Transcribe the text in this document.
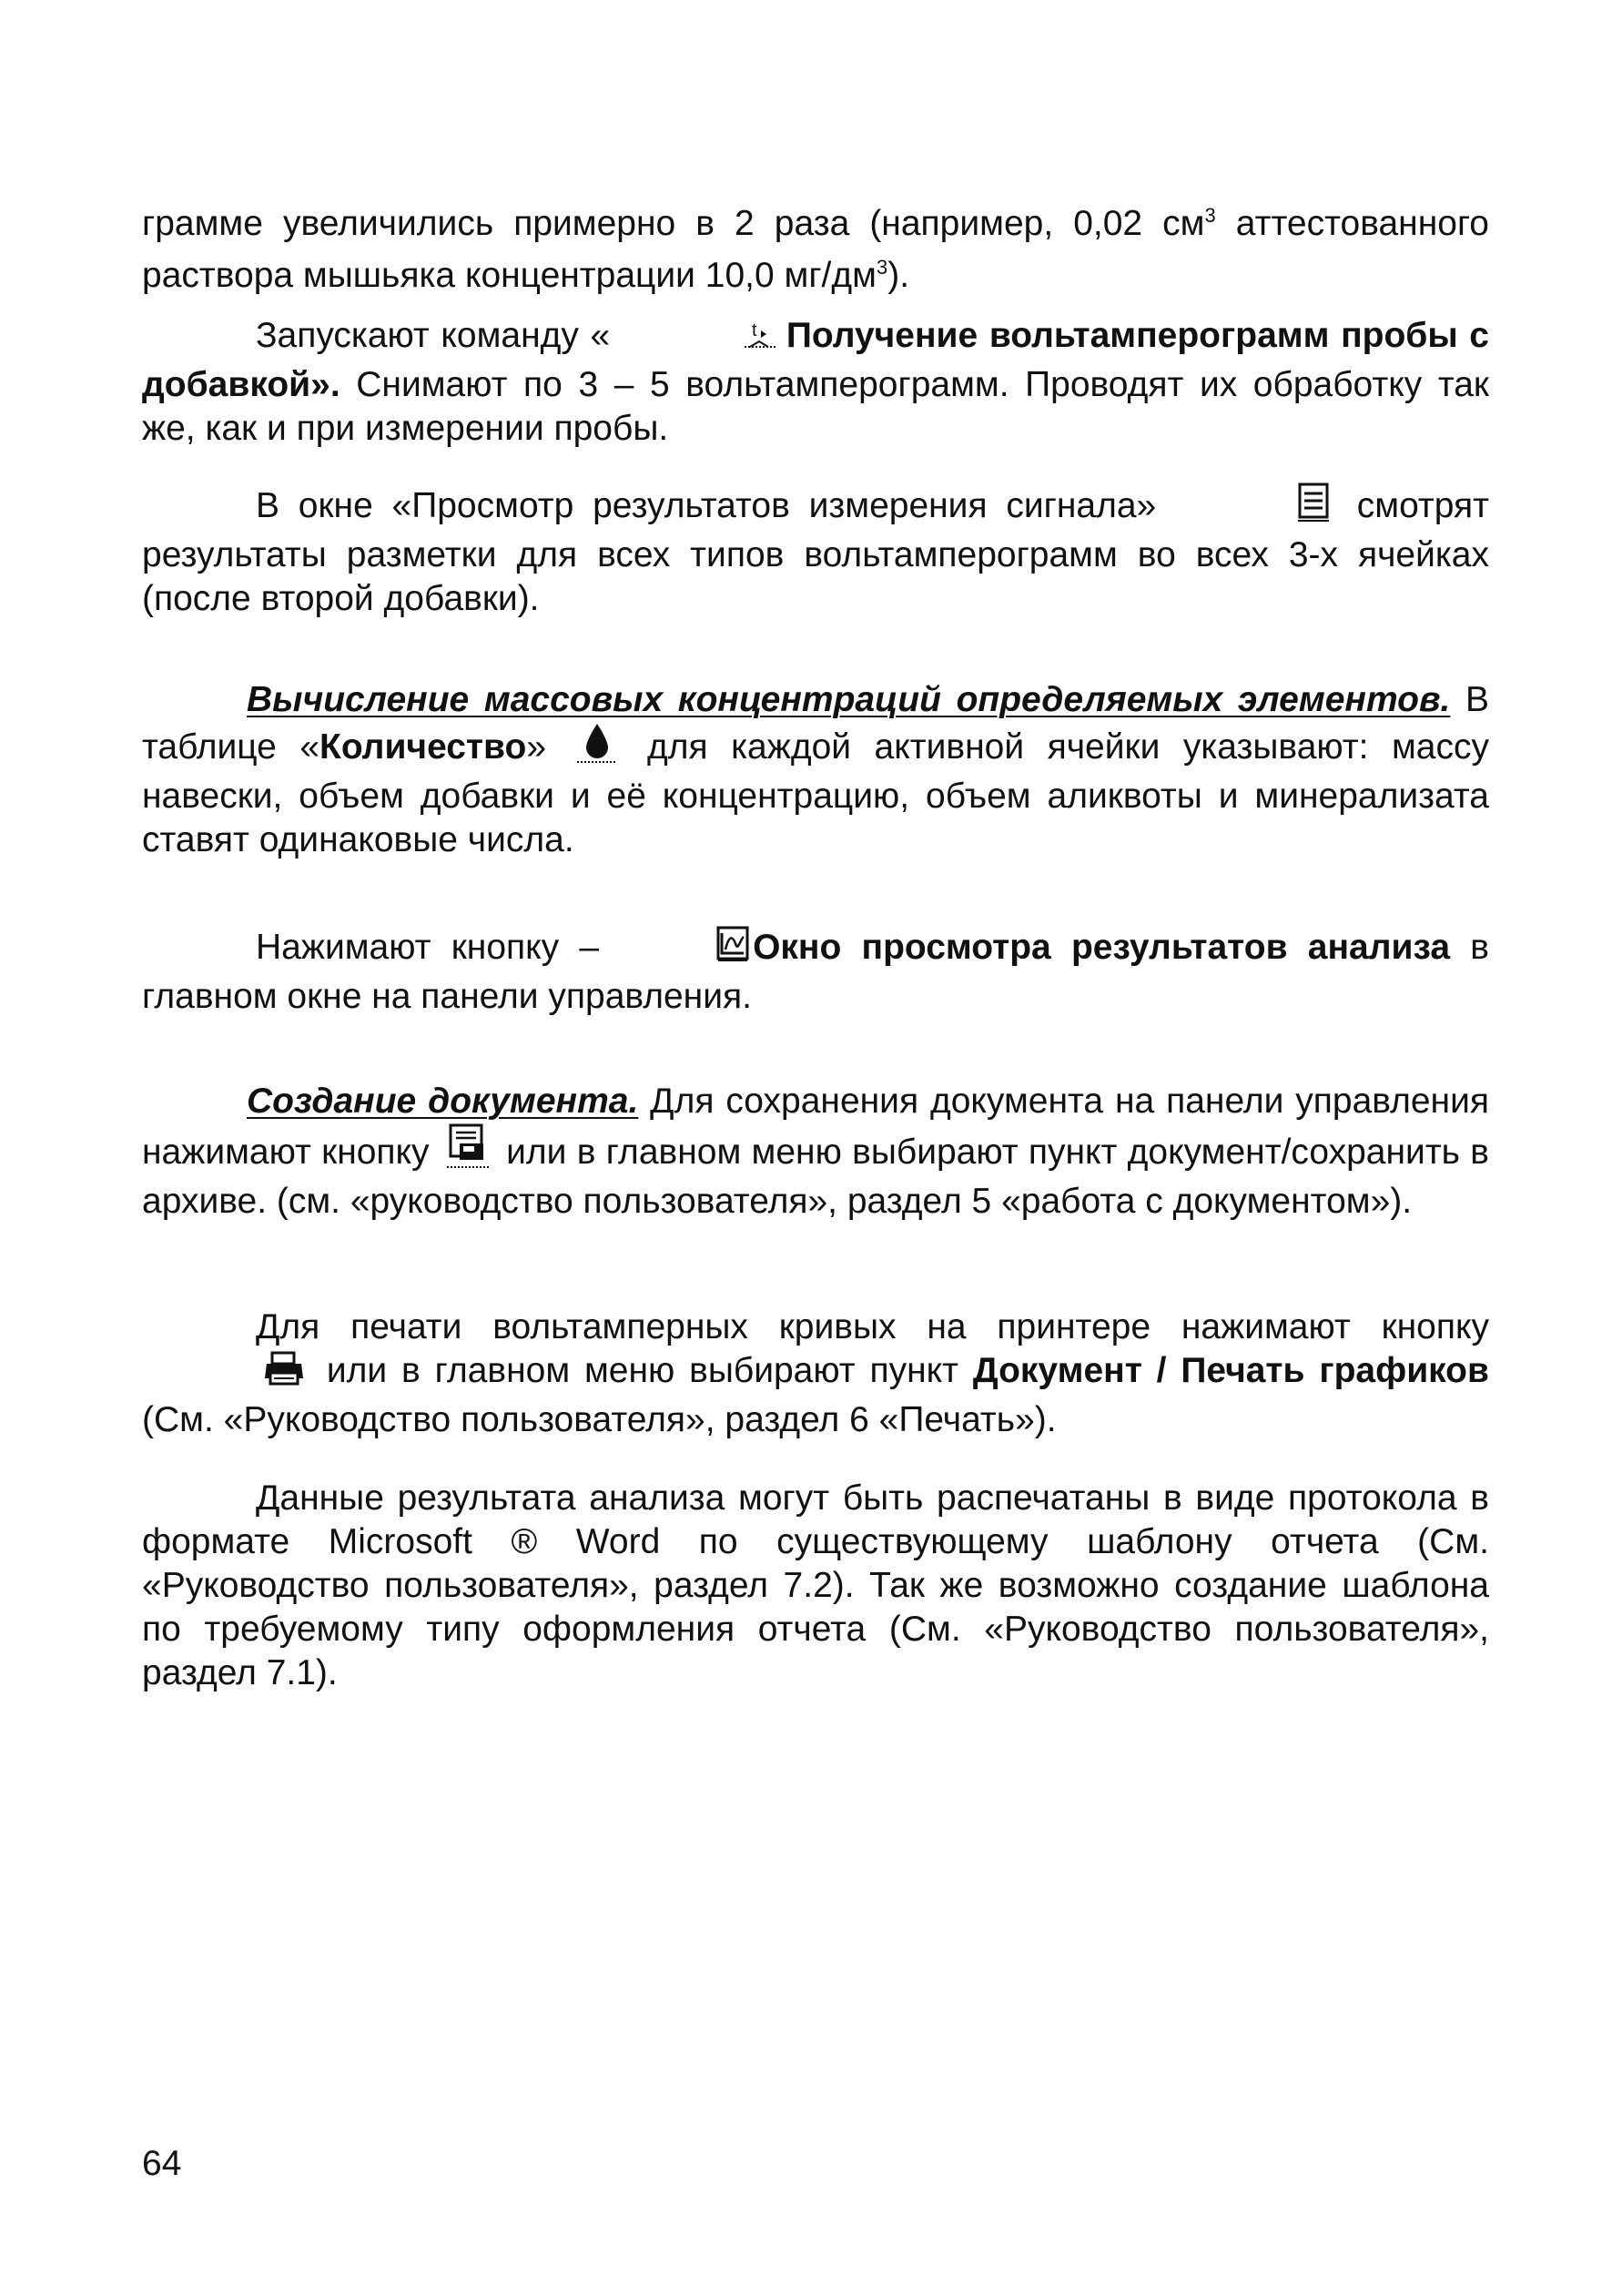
грамме увеличились примерно в 2 раза (например, 0,02 $см^3$ аттестованного раствора мышьяка концентрации 10,0 $мг/дм^3$).
Запускают команду «	t Получение вольтамперограмм пробы с добавкой». Снимают по 3 – 5 вольтамперограмм. Проводят их обработку так же, как и при измерении пробы.
В окне «Просмотр результатов измерения сигнала»	смотрят результаты разметки для всех типов вольтамперограмм во всех 3-х ячейках (после второй добавки).
Вычисление массовых концентраций определяемых элементов. В таблице «Количество»  для каждой активной ячейки указывают: массу навески, объем добавки и её концентрацию, объем аликвоты и минерализата ставят одинаковые числа.
Нажимают кнопку –	Окно просмотра результатов анализа в главном окне на панели управления.
Создание документа. Для сохранения документа на панели управления нажимают кнопку  или в главном меню выбирают пункт документ/сохранить в архиве. (см. «руководство пользователя», раздел 5 «работа с документом»).
Для печати вольтамперных кривых на принтере нажимают кнопку  или в главном меню выбирают пункт Документ / Печать графиков (См. «Руководство пользователя», раздел 6 «Печать»).
Данные результата анализа могут быть распечатаны в виде протокола в формате Microsoft ® Word по существующему шаблону отчета (См. «Руководство пользователя», раздел 7.2). Так же возможно создание шаблона по требуемому типу оформления отчета (См. «Руководство пользователя», раздел 7.1).
64
